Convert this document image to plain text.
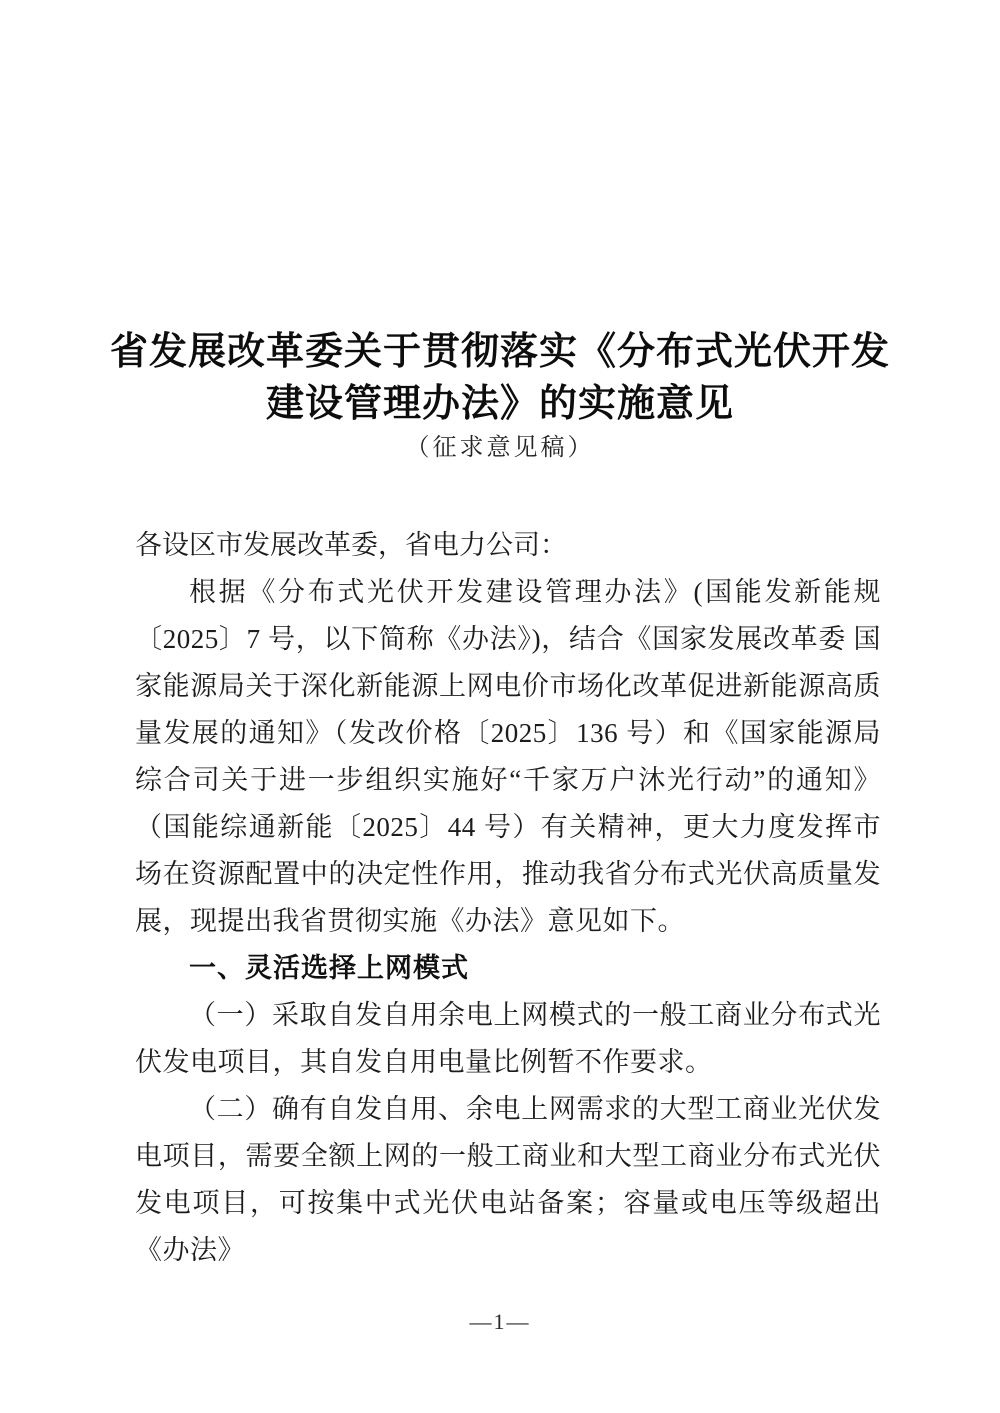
省发展改革委关于贯彻落实《分布式光伏开发
建设管理办法》的实施意见
（征求意见稿）

各设区市发展改革委，省电力公司：

根据《分布式光伏开发建设管理办法》(国能发新能规〔2025〕7 号，以下简称《办法》)，结合《国家发展改革委 国家能源局关于深化新能源上网电价市场化改革促进新能源高质量发展的通知》（发改价格〔2025〕136 号）和《国家能源局综合司关于进一步组织实施好“千家万户沐光行动”的通知》（国能综通新能〔2025〕44 号）有关精神，更大力度发挥市场在资源配置中的决定性作用，推动我省分布式光伏高质量发展，现提出我省贯彻实施《办法》意见如下。

一、灵活选择上网模式

（一）采取自发自用余电上网模式的一般工商业分布式光伏发电项目，其自发自用电量比例暂不作要求。

（二）确有自发自用、余电上网需求的大型工商业光伏发电项目，需要全额上网的一般工商业和大型工商业分布式光伏发电项目，可按集中式光伏电站备案；容量或电压等级超出《办法》

—1—
